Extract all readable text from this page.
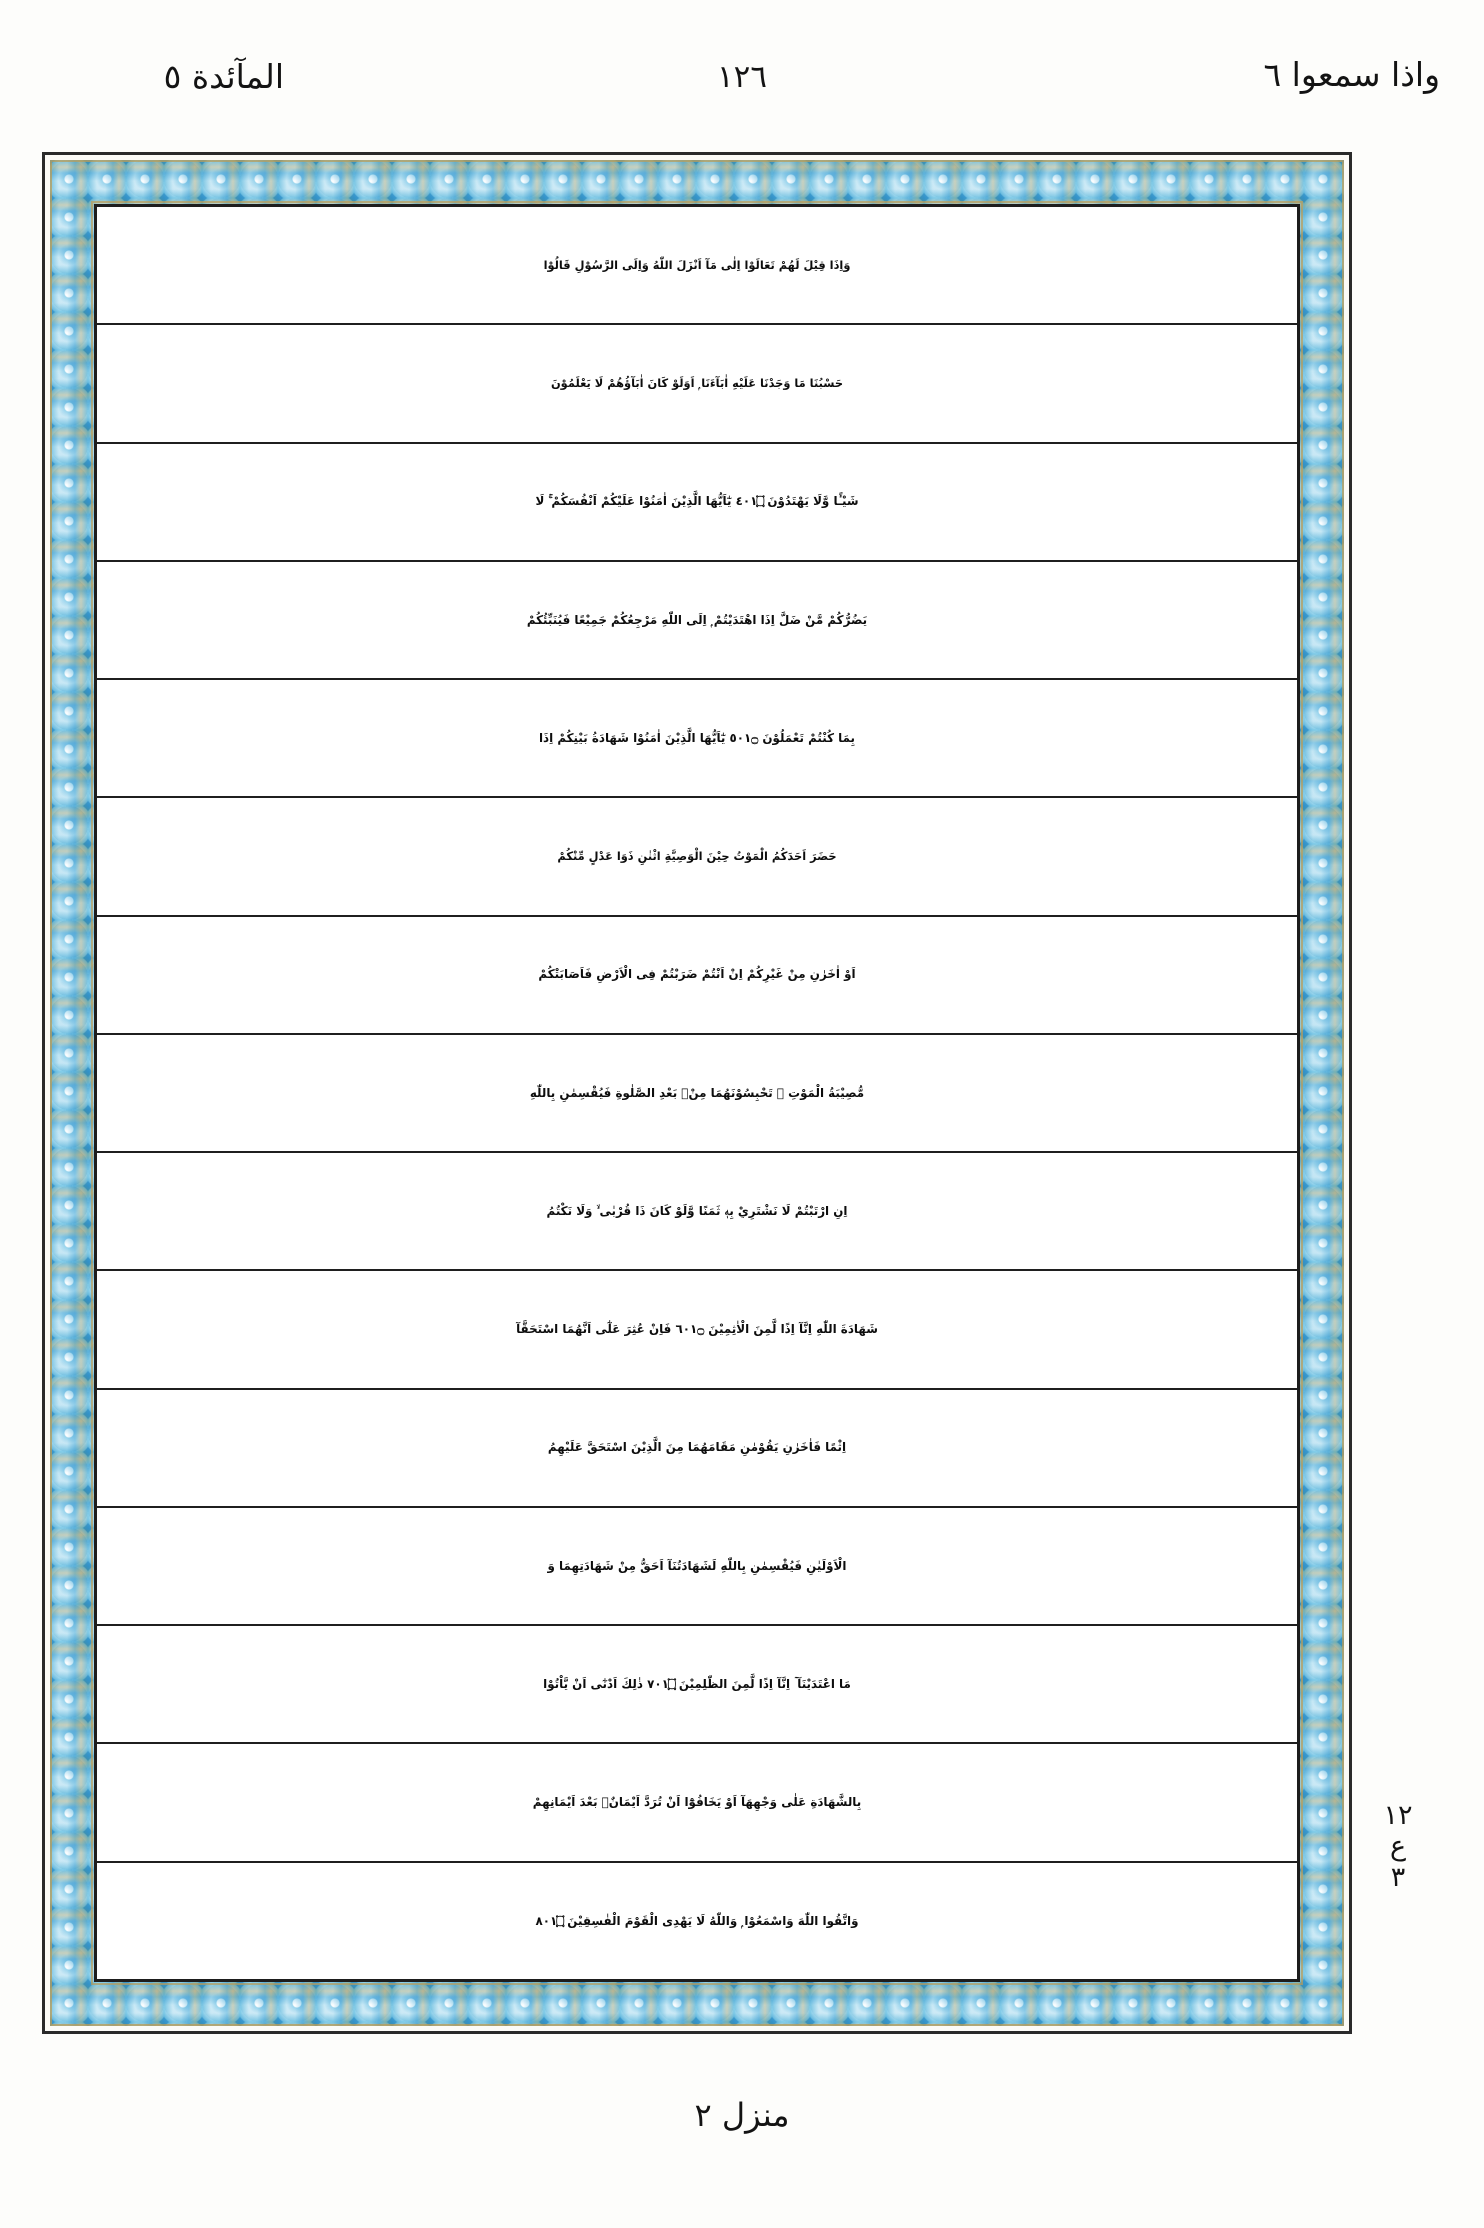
المآئدة ٥	١٢٦	واذا سمعوا ٦
وَاِذَا قِيْلَ لَهُمْ تَعَالَوْا اِلٰى مَآ اَنْزَلَ اللّٰهُ وَاِلَى الرَّسُوْلِ قَالُوْا
حَسْبُنَا مَا وَجَدْنَا عَلَيْهِ اٰبَآءَنَا ۭ اَوَلَوْ كَانَ اٰبَآؤُهُمْ لَا يَعْلَمُوْنَ
شَيْـًٔا وَّلَا يَهْتَدُوْنَ ۝١٠٤ يٰٓاَيُّهَا الَّذِيْنَ اٰمَنُوْا عَلَيْكُمْ اَنْفُسَكُمْ ۚ لَا
يَضُرُّكُمْ مَّنْ ضَلَّ اِذَا اهْتَدَيْتُمْ ۭ اِلَى اللّٰهِ مَرْجِعُكُمْ جَمِيْعًا فَيُنَبِّئُكُمْ
بِمَا كُنْتُمْ تَعْمَلُوْنَ ۝١٠٥ يٰٓاَيُّهَا الَّذِيْنَ اٰمَنُوْا شَهَادَةُ بَيْنِكُمْ اِذَا
حَضَرَ اَحَدَكُمُ الْمَوْتُ حِيْنَ الْوَصِيَّةِ اثْنٰنِ ذَوَا عَدْلٍ مِّنْكُمْ
اَوْ اٰخَرٰنِ مِنْ غَيْرِكُمْ اِنْ اَنْتُمْ ضَرَبْتُمْ فِى الْاَرْضِ فَاَصَابَتْكُمْ
مُّصِيْبَةُ الْمَوْتِ ۭ تَحْبِسُوْنَهُمَا مِنْۢ بَعْدِ الصَّلٰوةِ فَيُقْسِمٰنِ بِاللّٰهِ
اِنِ ارْتَبْتُمْ لَا نَشْتَرِيْ بِهٖ ثَمَنًا وَّلَوْ كَانَ ذَا قُرْبٰى ۙ وَلَا نَكْتُمُ
شَهَادَةَ اللّٰهِ اِنَّآ اِذًا لَّمِنَ الْاٰثِمِيْنَ ۝١٠٦ فَاِنْ عُثِرَ عَلٰٓى اَنَّهُمَا اسْتَحَقَّآ
اِثْمًا فَاٰخَرٰنِ يَقُوْمٰنِ مَقَامَهُمَا مِنَ الَّذِيْنَ اسْتَحَقَّ عَلَيْهِمُ
الْاَوْلَيٰنِ فَيُقْسِمٰنِ بِاللّٰهِ لَشَهَادَتُنَآ اَحَقُّ مِنْ شَهَادَتِهِمَا وَ
مَا اعْتَدَيْنَآ ۡ اِنَّآ اِذًا لَّمِنَ الظّٰلِمِيْنَ ۝١٠٧ ذٰلِكَ اَدْنٰٓى اَنْ يَّاْتُوْا
بِالشَّهَادَةِ عَلٰى وَجْهِهَآ اَوْ يَخَافُوْٓا اَنْ تُرَدَّ اَيْمَانٌۢ بَعْدَ اَيْمَانِهِمْ
وَاتَّقُوا اللّٰهَ وَاسْمَعُوْا ۭ وَاللّٰهُ لَا يَهْدِى الْقَوْمَ الْفٰسِقِيْنَ ۝١٠٨
١٢
ع
٣
منزل ٢
